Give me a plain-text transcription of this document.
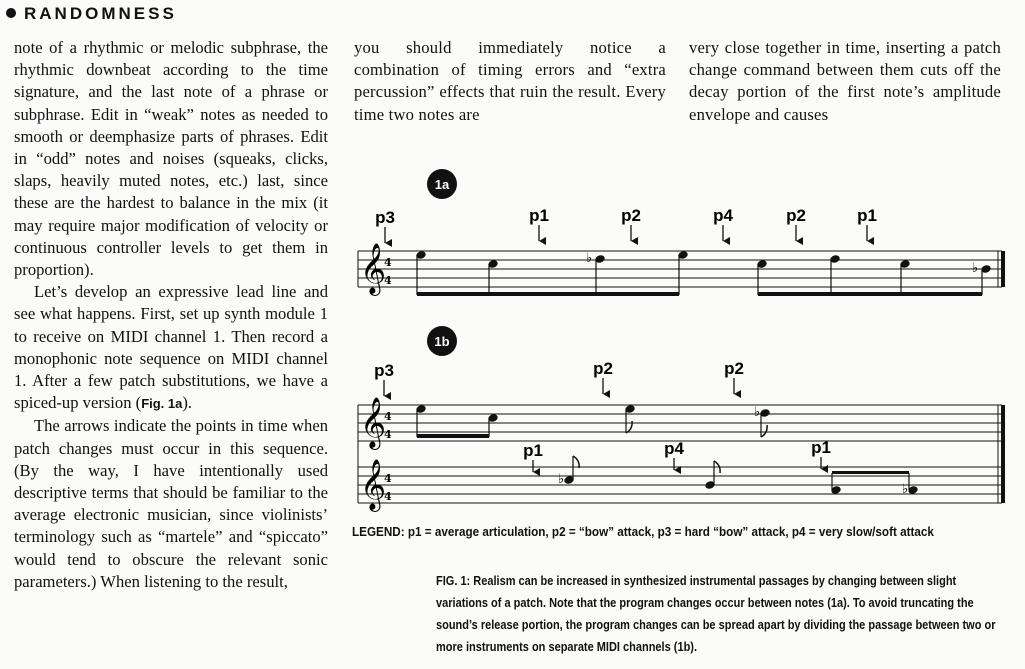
RANDOMNESS

note of a rhythmic or melodic subphrase, the rhythmic downbeat according to the time signature, and the last note of a phrase or subphrase. Edit in “weak” notes as needed to smooth or deemphasize parts of phrases. Edit in “odd” notes and noises (squeaks, clicks, slaps, heavily muted notes, etc.) last, since these are the hardest to balance in the mix (it may require major modification of velocity or continuous controller levels to get them in proportion).

Let’s develop an expressive lead line and see what happens. First, set up synth module 1 to receive on MIDI channel 1. Then record a monophonic note sequence on MIDI channel 1. After a few patch substitutions, we have a spiced-up version (Fig. 1a).

The arrows indicate the points in time when patch changes must occur in this sequence. (By the way, I have intentionally used descriptive terms that should be familiar to the average electronic musician, since violinists’ terminology such as “martele” and “spiccato” would tend to obscure the relevant sonic parameters.) When listening to the result,

you should immediately notice a combination of timing errors and “extra percussion” effects that ruin the result. Every time two notes are
very close together in time, inserting a patch change command between them cuts off the decay portion of the first note’s amplitude envelope and causes
1a
p3	p1	p2	p4	p2	p1
𝄞
4
4
♭
♭
1b
p3	p2	p2
p1	p4	p1
𝄞
4
4
♭
𝄞
4
4
♭
♭
LEGEND: p1 = average articulation, p2 = “bow” attack, p3 = hard “bow” attack, p4 = very slow/soft attack
FIG. 1: Realism can be increased in synthesized instrumental passages by changing between slight variations of a patch. Note that the program changes occur between notes (1a). To avoid truncating the sound’s release portion, the program changes can be spread apart by dividing the passage between two or more instruments on separate MIDI channels (1b).
